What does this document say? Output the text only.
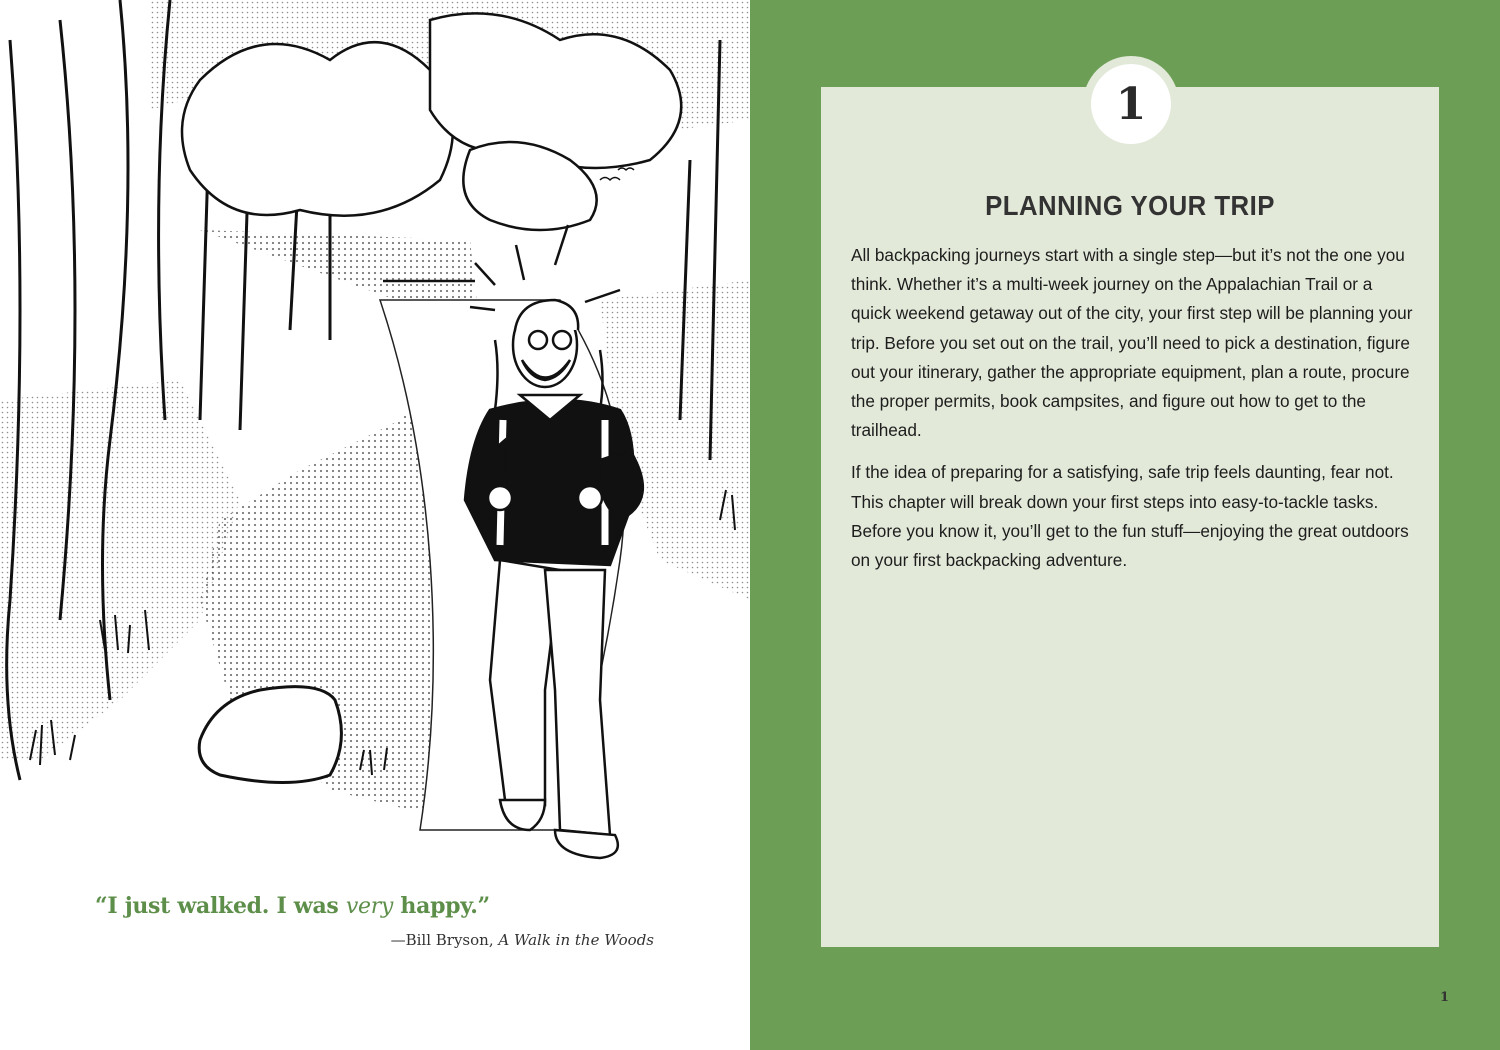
“I just walked. I was very happy.”
—Bill Bryson, A Walk in the Woods
PLANNING YOUR TRIP

All backpacking journeys start with a single step—but it’s not the one you think. Whether it’s a multi-week journey on the Appalachian Trail or a quick weekend getaway out of the city, your first step will be planning your trip. Before you set out on the trail, you’ll need to pick a destination, figure out your itinerary, gather the appropriate equipment, plan a route, procure the proper permits, book campsites, and figure out how to get to the trailhead.

If the idea of preparing for a satisfying, safe trip feels daunting, fear not. This chapter will break down your first steps into easy-to-tackle tasks. Before you know it, you’ll get to the fun stuff—enjoying the great outdoors on your first backpacking adventure.

1
1
